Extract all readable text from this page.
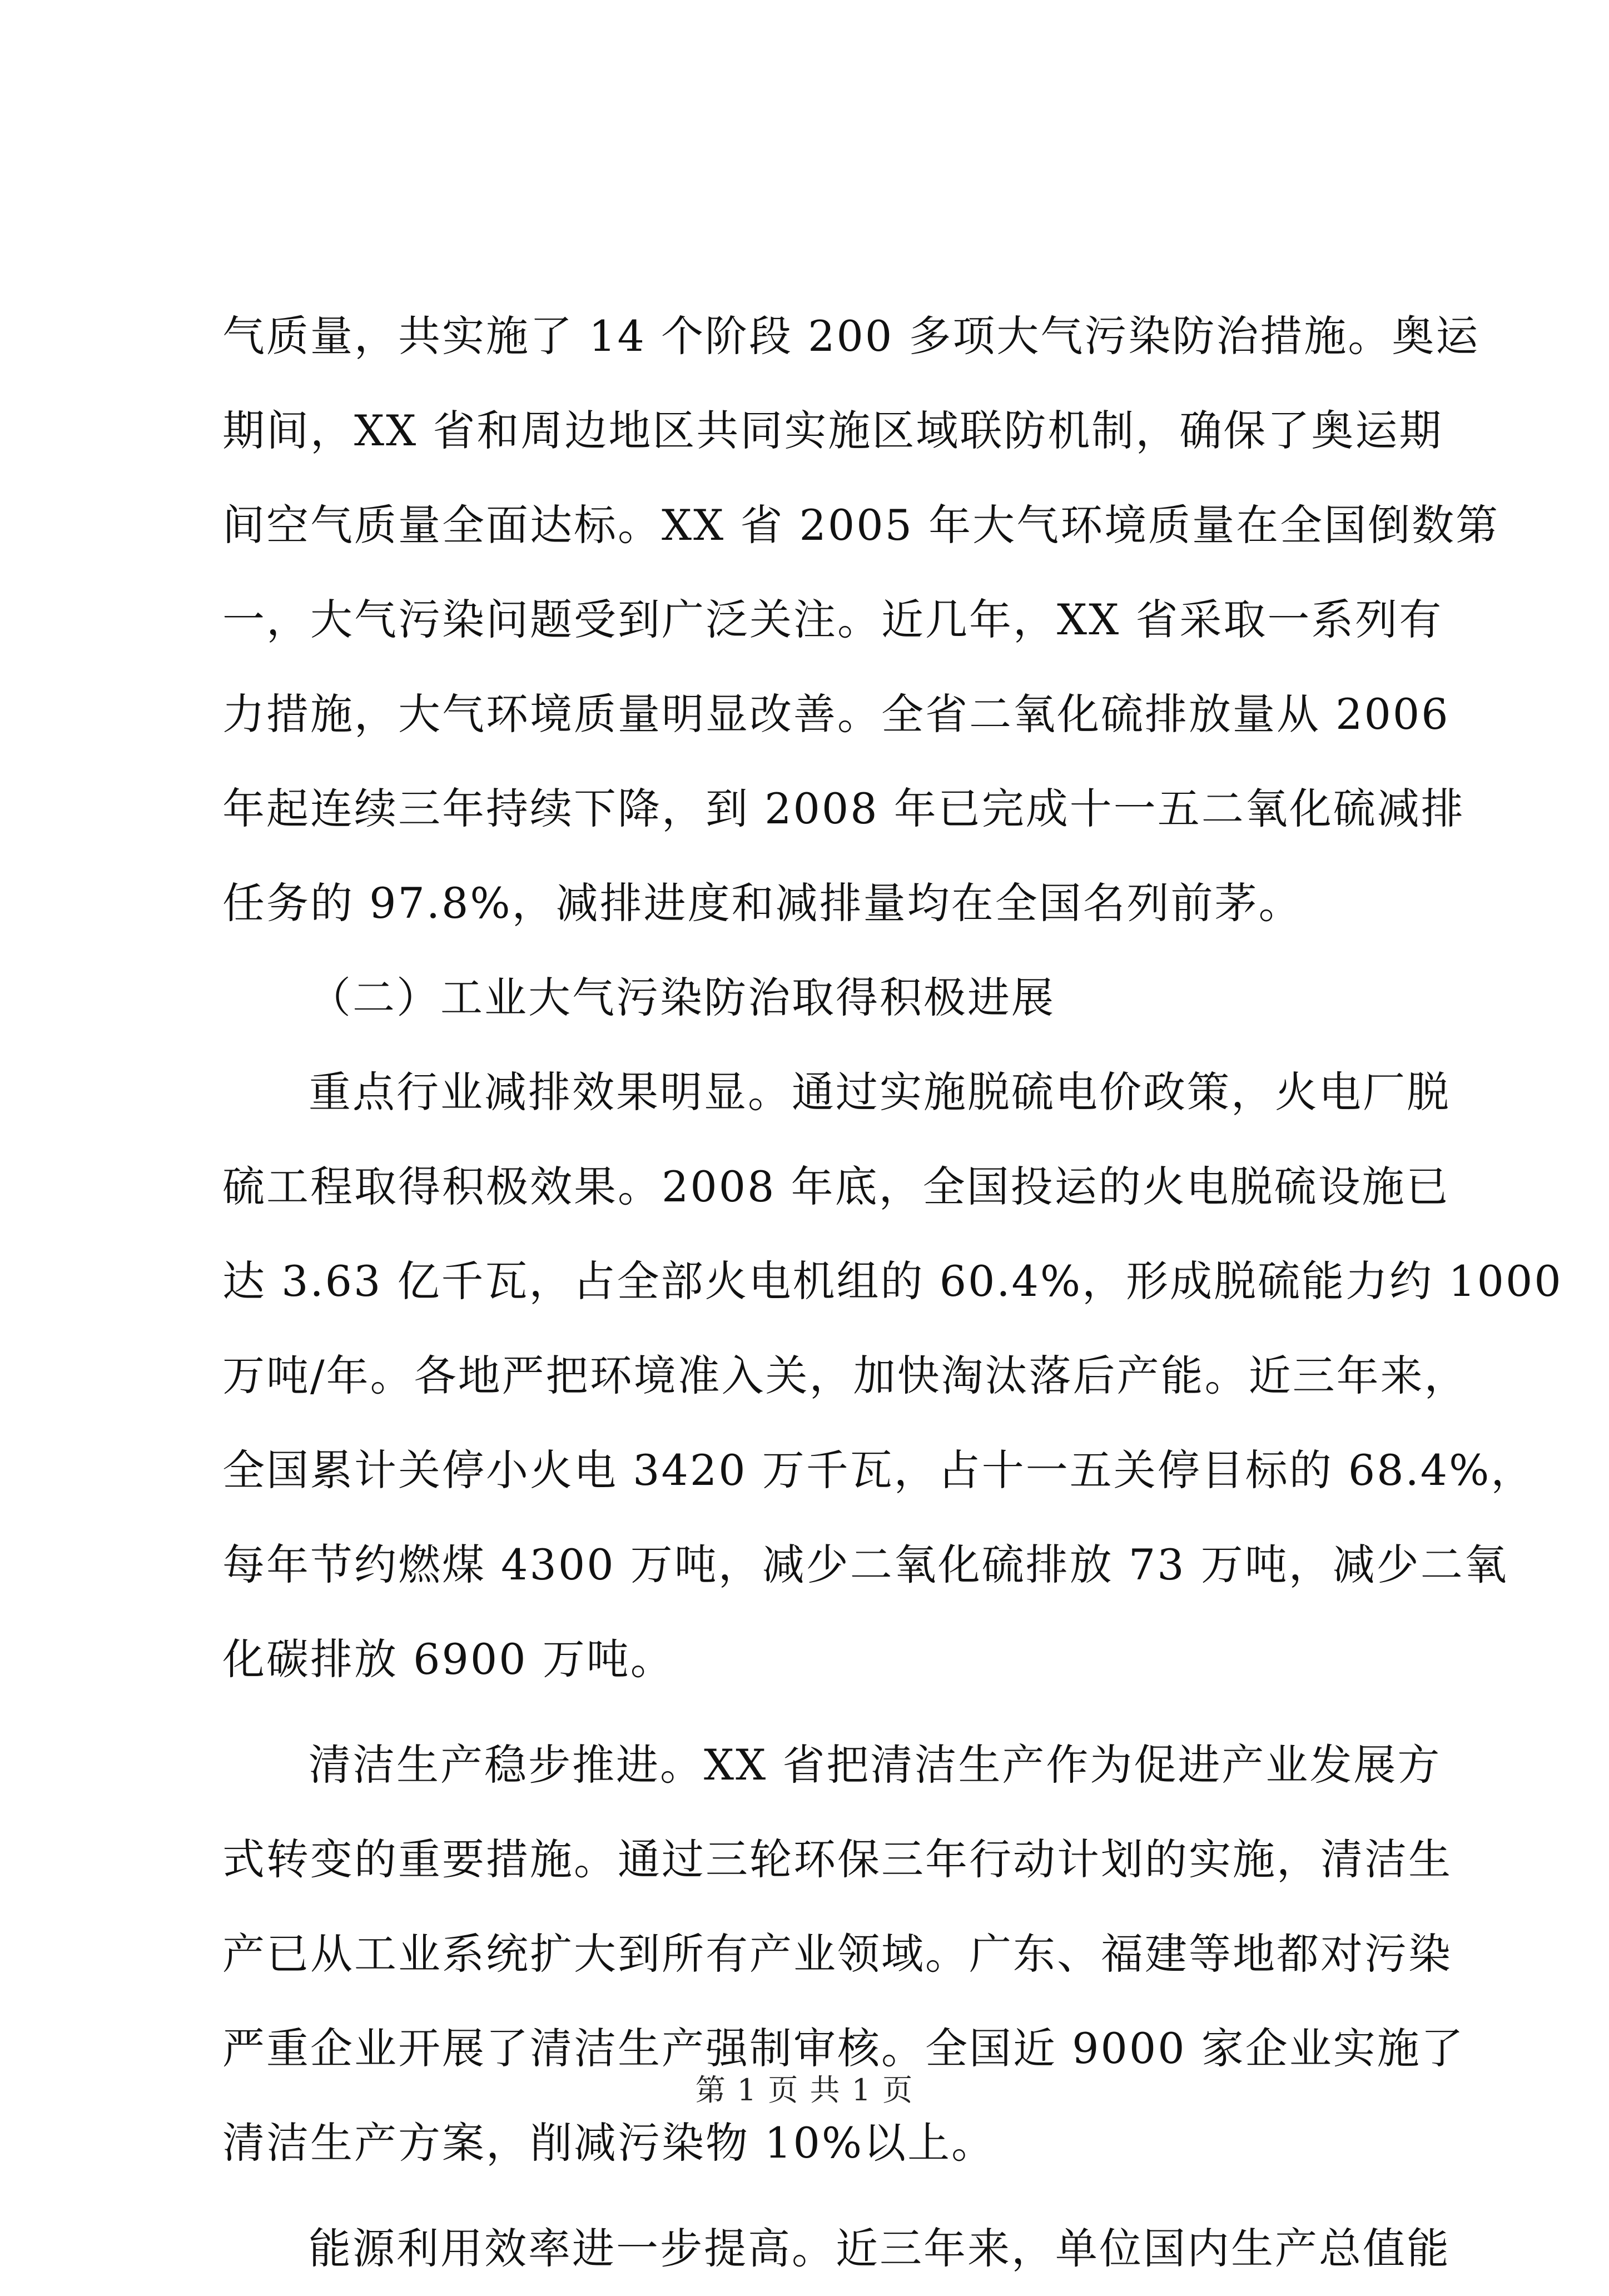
气质量，共实施了 14 个阶段 200 多项大气污染防治措施。奥运
期间，XX 省和周边地区共同实施区域联防机制，确保了奥运期
间空气质量全面达标。XX 省 2005 年大气环境质量在全国倒数第
一，大气污染问题受到广泛关注。近几年，XX 省采取一系列有
力措施，大气环境质量明显改善。全省二氧化硫排放量从 2006
年起连续三年持续下降，到 2008 年已完成十一五二氧化硫减排
任务的 97.8%，减排进度和减排量均在全国名列前茅。
（二）工业大气污染防治取得积极进展
重点行业减排效果明显。通过实施脱硫电价政策，火电厂脱
硫工程取得积极效果。2008 年底，全国投运的火电脱硫设施已
达 3.63 亿千瓦，占全部火电机组的 60.4%，形成脱硫能力约 1000
万吨/年。各地严把环境准入关，加快淘汰落后产能。近三年来，
全国累计关停小火电 3420 万千瓦，占十一五关停目标的 68.4%，
每年节约燃煤 4300 万吨，减少二氧化硫排放 73 万吨，减少二氧
化碳排放 6900 万吨。
清洁生产稳步推进。XX 省把清洁生产作为促进产业发展方
式转变的重要措施。通过三轮环保三年行动计划的实施，清洁生
产已从工业系统扩大到所有产业领域。广东、福建等地都对污染
严重企业开展了清洁生产强制审核。全国近 9000 家企业实施了
清洁生产方案，削减污染物 10%以上。
能源利用效率进一步提高。近三年来，单位国内生产总值能
第 1 页 共 1 页
